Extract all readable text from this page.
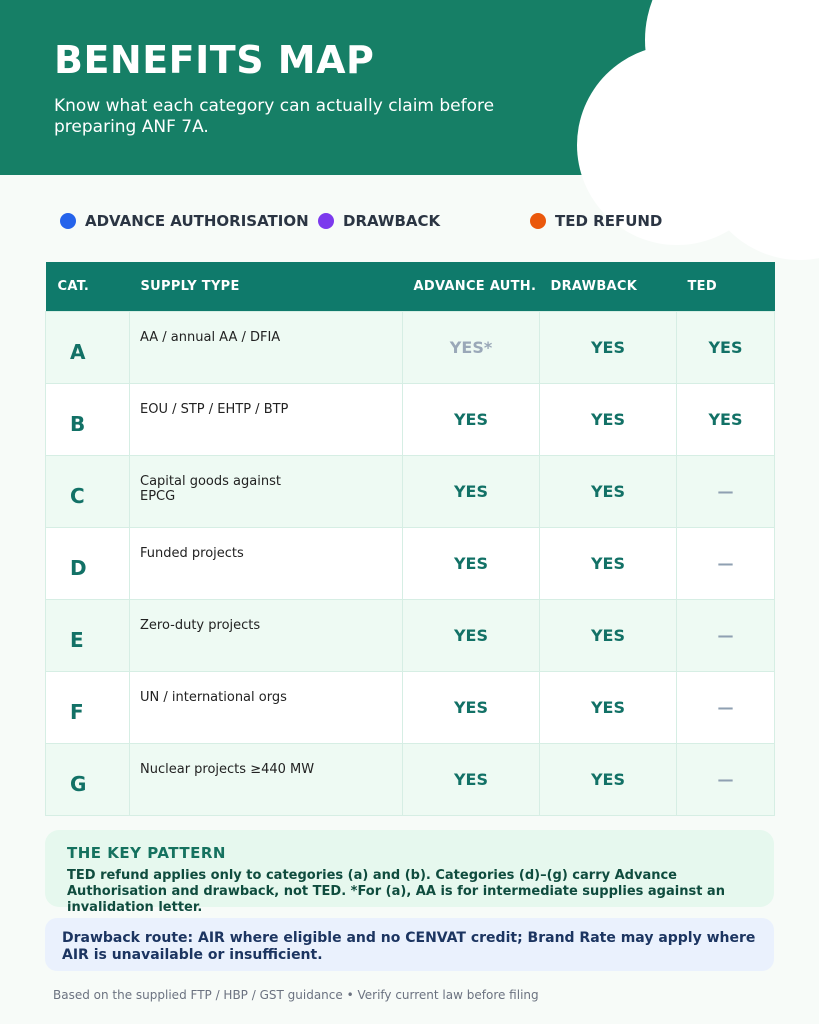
BENEFITS MAP
Know what each category can actually claim before preparing ANF 7A.
ADVANCE AUTHORISATION DRAWBACK	TED REFUND
CAT.	SUPPLY TYPE	ADVANCE AUTH.	DRAWBACK	TED
A	AA / annual AA / DFIA	YES*	YES	YES
B	EOU / STP / EHTP / BTP	YES	YES	YES
C	Capital goods against EPCG	YES	YES	—
D	Funded projects	YES	YES	—
E	Zero-duty projects	YES	YES	—
F	UN / international orgs	YES	YES	—
G	Nuclear projects ≥440 MW	YES	YES	—
THE KEY PATTERN
TED refund applies only to categories (a) and (b). Categories (d)–(g) carry Advance Authorisation and drawback, not TED. *For (a), AA is for intermediate supplies against an invalidation letter.
Drawback route: AIR where eligible and no CENVAT credit; Brand Rate may apply where AIR is unavailable or insufficient.
Based on the supplied FTP / HBP / GST guidance • Verify current law before filing
